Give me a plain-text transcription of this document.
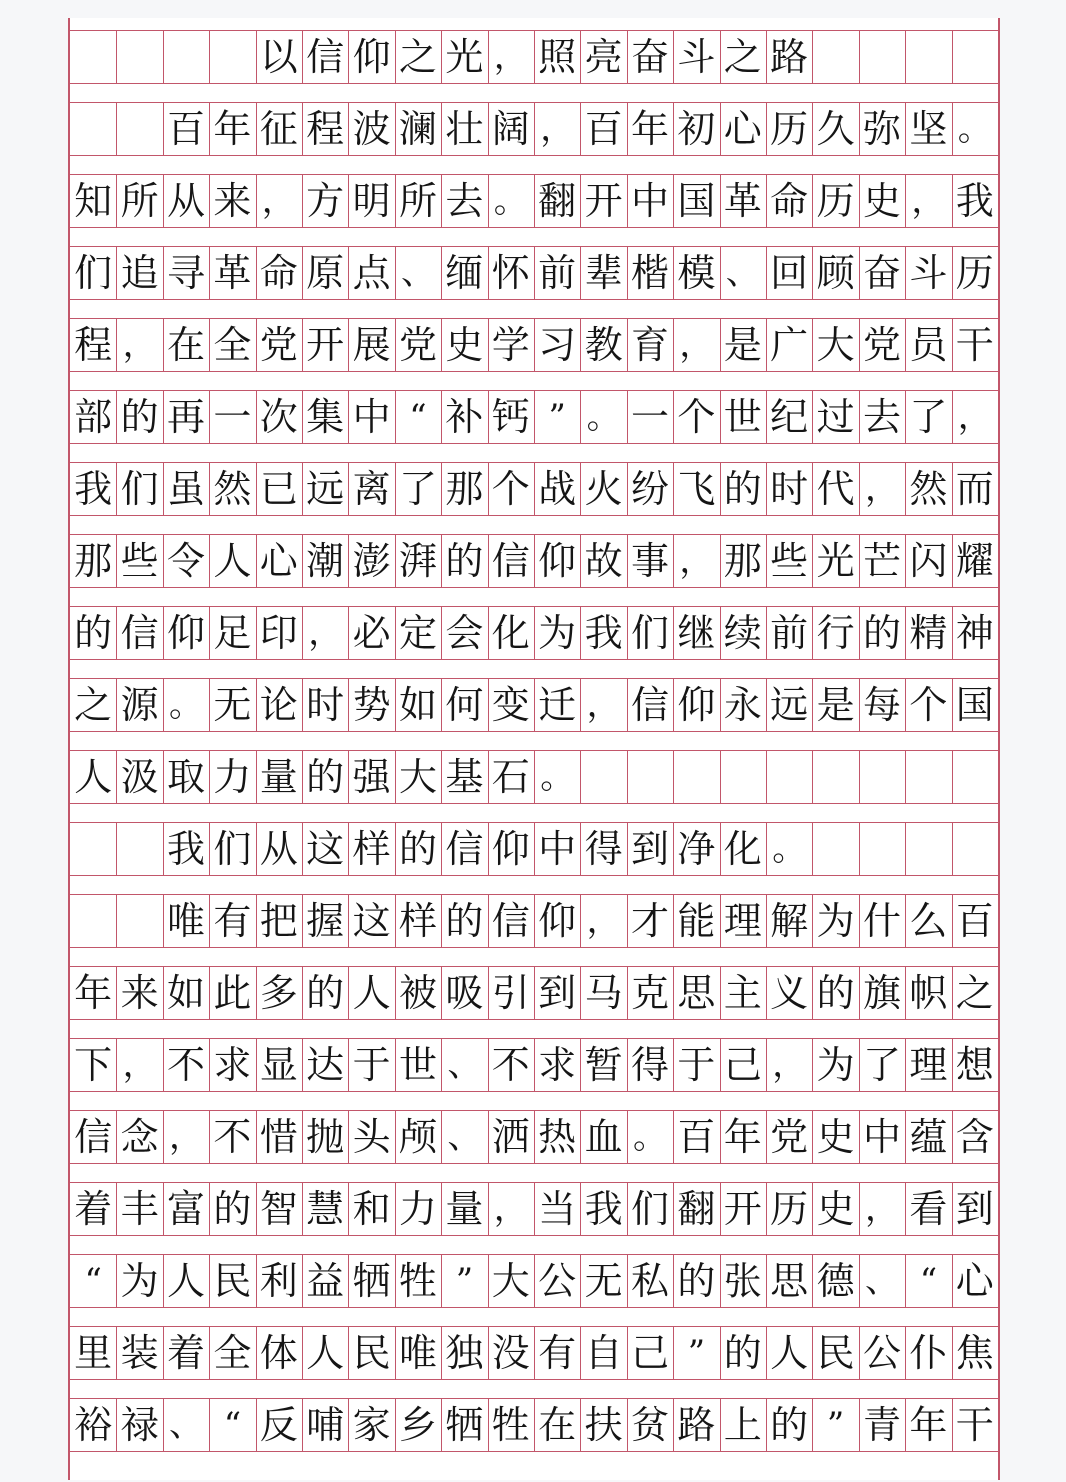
以 信 仰 之 光 ， 照 亮 奋 斗 之 路
百 年 征 程 波 澜 壮 阔 ， 百 年 初 心 历 久 弥 坚 。
知 所 从 来 ， 方 明 所 去 。 翻 开 中 国 革 命 历 史 ， 我
们 追 寻 革 命 原 点 、 缅 怀 前 辈 楷 模 、 回 顾 奋 斗 历
程 ， 在 全 党 开 展 党 史 学 习 教 育 ， 是 广 大 党 员 干
部 的 再 一 次 集 中 “ 补 钙 ” 。 一 个 世 纪 过 去 了 ，
我 们 虽 然 已 远 离 了 那 个 战 火 纷 飞 的 时 代 ， 然 而
那 些 令 人 心 潮 澎 湃 的 信 仰 故 事 ， 那 些 光 芒 闪 耀
的 信 仰 足 印 ， 必 定 会 化 为 我 们 继 续 前 行 的 精 神
之 源 。 无 论 时 势 如 何 变 迁 ， 信 仰 永 远 是 每 个 国
人 汲 取 力 量 的 强 大 基 石 。
我 们 从 这 样 的 信 仰 中 得 到 净 化 。
唯 有 把 握 这 样 的 信 仰 ， 才 能 理 解 为 什 么 百
年 来 如 此 多 的 人 被 吸 引 到 马 克 思 主 义 的 旗 帜 之
下 ， 不 求 显 达 于 世 、 不 求 暂 得 于 己 ， 为 了 理 想
信 念 ， 不 惜 抛 头 颅 、 洒 热 血 。 百 年 党 史 中 蕴 含
着 丰 富 的 智 慧 和 力 量 ， 当 我 们 翻 开 历 史 ， 看 到
“ 为 人 民 利 益 牺 牲 ” 大 公 无 私 的 张 思 德 、 “ 心
里 装 着 全 体 人 民 唯 独 没 有 自 己 ” 的 人 民 公 仆 焦
裕 禄 、 “ 反 哺 家 乡 牺 牲 在 扶 贫 路 上 的 ” 青 年 干
